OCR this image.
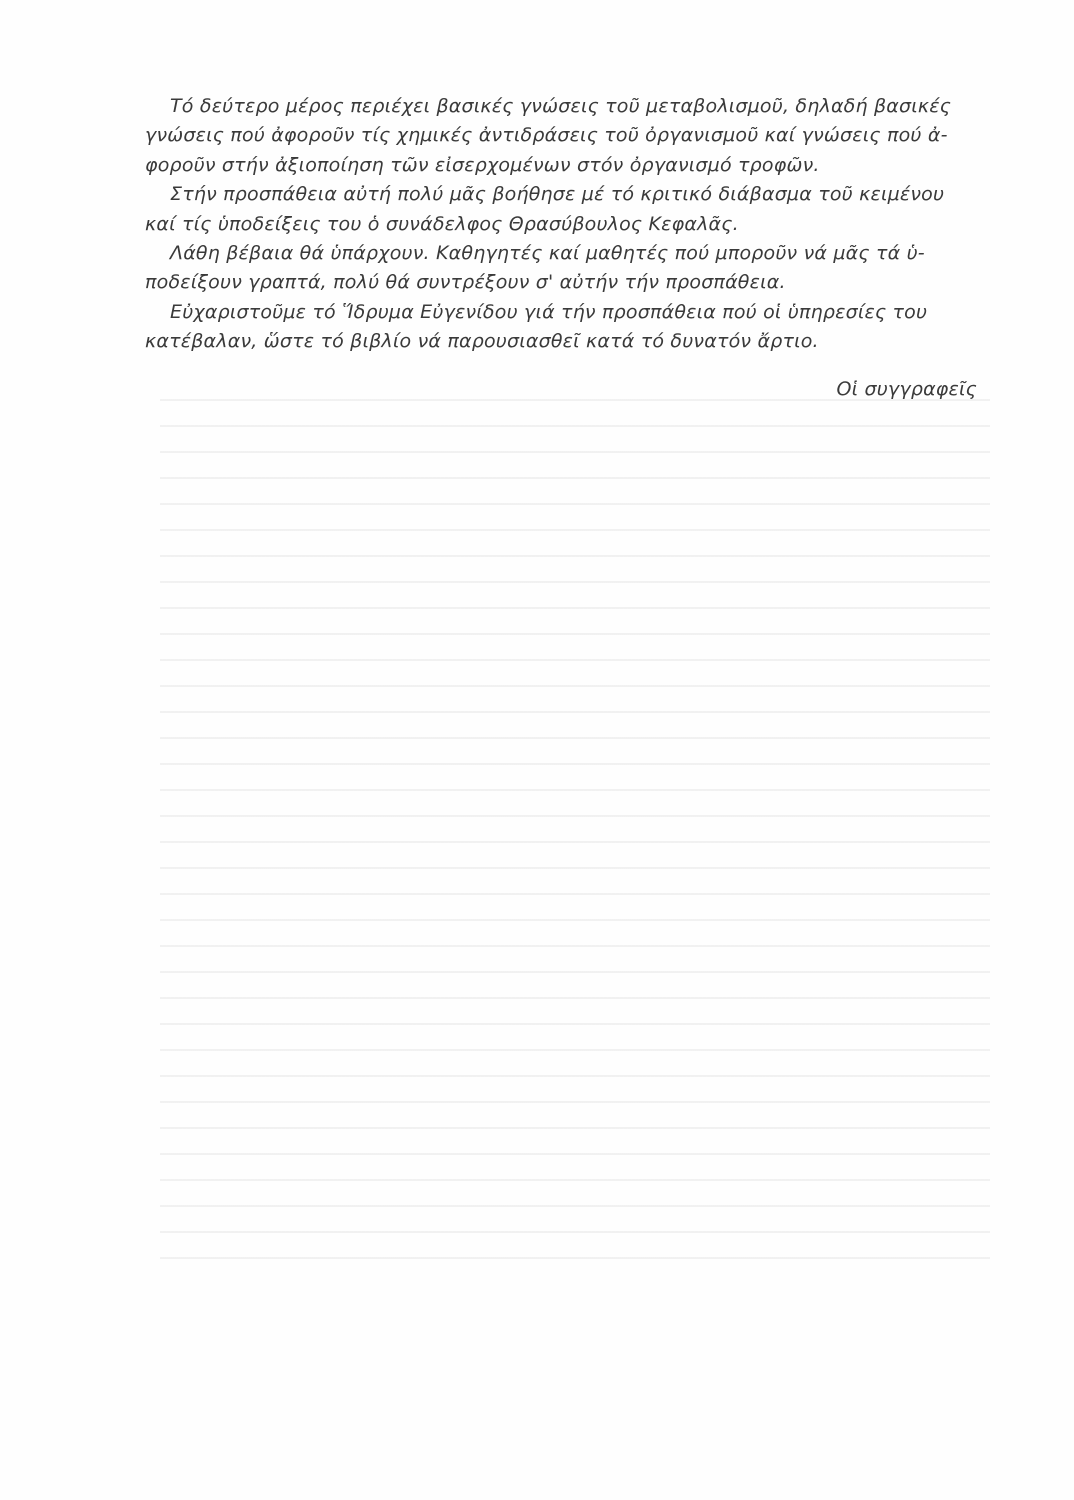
Τό δεύτερο μέρος περιέχει βασικές γνώσεις τοῦ μεταβολισμοῦ, δηλαδή βασικές
γνώσεις πού ἀφοροῦν τίς χημικές ἀντιδράσεις τοῦ ὀργανισμοῦ καί γνώσεις πού ἀ-
φοροῦν στήν ἀξιοποίηση τῶν εἰσερχομένων στόν ὀργανισμό τροφῶν.
Στήν προσπάθεια αὐτή πολύ μᾶς βοήθησε μέ τό κριτικό διάβασμα τοῦ κειμένου
καί τίς ὑποδείξεις του ὁ συνάδελφος Θρασύβουλος Κεφαλᾶς.
Λάθη βέβαια θά ὑπάρχουν. Καθηγητές καί μαθητές πού μποροῦν νά μᾶς τά ὑ-
ποδείξουν γραπτά, πολύ θά συντρέξουν σ' αὐτήν τήν προσπάθεια.
Εὐχαριστοῦμε τό Ἵδρυμα Εὐγενίδου γιά τήν προσπάθεια πού οἱ ὑπηρεσίες του
κατέβαλαν, ὥστε τό βιβλίο νά παρουσιασθεῖ κατά τό δυνατόν ἄρτιο.
Οἱ συγγραφεῖς
